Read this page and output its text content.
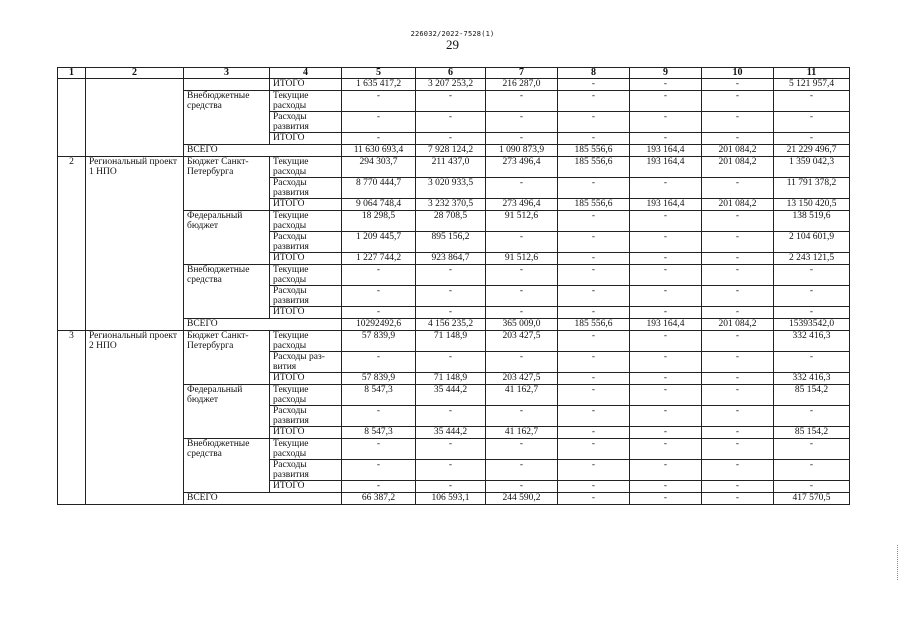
226032/2022-7528(1)
29
1	2	3	4	5	6	7	8	9	10	11
			ИТОГО	1 635 417,2	3 207 253,2	216 287,0	-	-	-	5 121 957,4
		Внебюджетные средства	Текущие расходы	-	-	-	-	-	-	-
			Расходы развития	-	-	-	-	-	-	-
			ИТОГО	-	-	-	-	-	-	-
		ВСЕГО		11 630 693,4	7 928 124,2	1 090 873,9	185 556,6	193 164,4	201 084,2	21 229 496,7
2	Региональный проект 1 НПО	Бюджет Санкт-Петербурга	Текущие расходы	294 303,7	211 437,0	273 496,4	185 556,6	193 164,4	201 084,2	1 359 042,3
			Расходы развития	8 770 444,7	3 020 933,5	-	-	-	-	11 791 378,2
			ИТОГО	9 064 748,4	3 232 370,5	273 496,4	185 556,6	193 164,4	201 084,2	13 150 420,5
		Федеральный бюджет	Текущие расходы	18 298,5	28 708,5	91 512,6	-	-	-	138 519,6
			Расходы развития	1 209 445,7	895 156,2	-	-	-	-	2 104 601,9
			ИТОГО	1 227 744,2	923 864,7	91 512,6	-	-	-	2 243 121,5
		Внебюджетные средства	Текущие расходы	-	-	-	-	-	-	-
			Расходы развития	-	-	-	-	-	-	-
			ИТОГО	-	-	-	-	-	-	-
		ВСЕГО		10292492,6	4 156 235,2	365 009,0	185 556,6	193 164,4	201 084,2	15393542,0
3	Региональный проект 2 НПО	Бюджет Санкт-Петербурга	Текущие расходы	57 839,9	71 148,9	203 427,5	-	-	-	332 416,3
			Расходы раз-вития	-	-	-	-	-	-	-
			ИТОГО	57 839,9	71 148,9	203 427,5	-	-	-	332 416,3
		Федеральный бюджет	Текущие расходы	8 547,3	35 444,2	41 162,7	-	-	-	85 154,2
			Расходы развития	-	-	-	-	-	-	-
			ИТОГО	8 547,3	35 444,2	41 162,7	-	-	-	85 154,2
		Внебюджетные средства	Текущие расходы	-	-	-	-	-	-	-
			Расходы развития	-	-	-	-	-	-	-
			ИТОГО	-	-	-	-	-	-	-
		ВСЕГО		66 387,2	106 593,1	244 590,2	-	-	-	417 570,5
